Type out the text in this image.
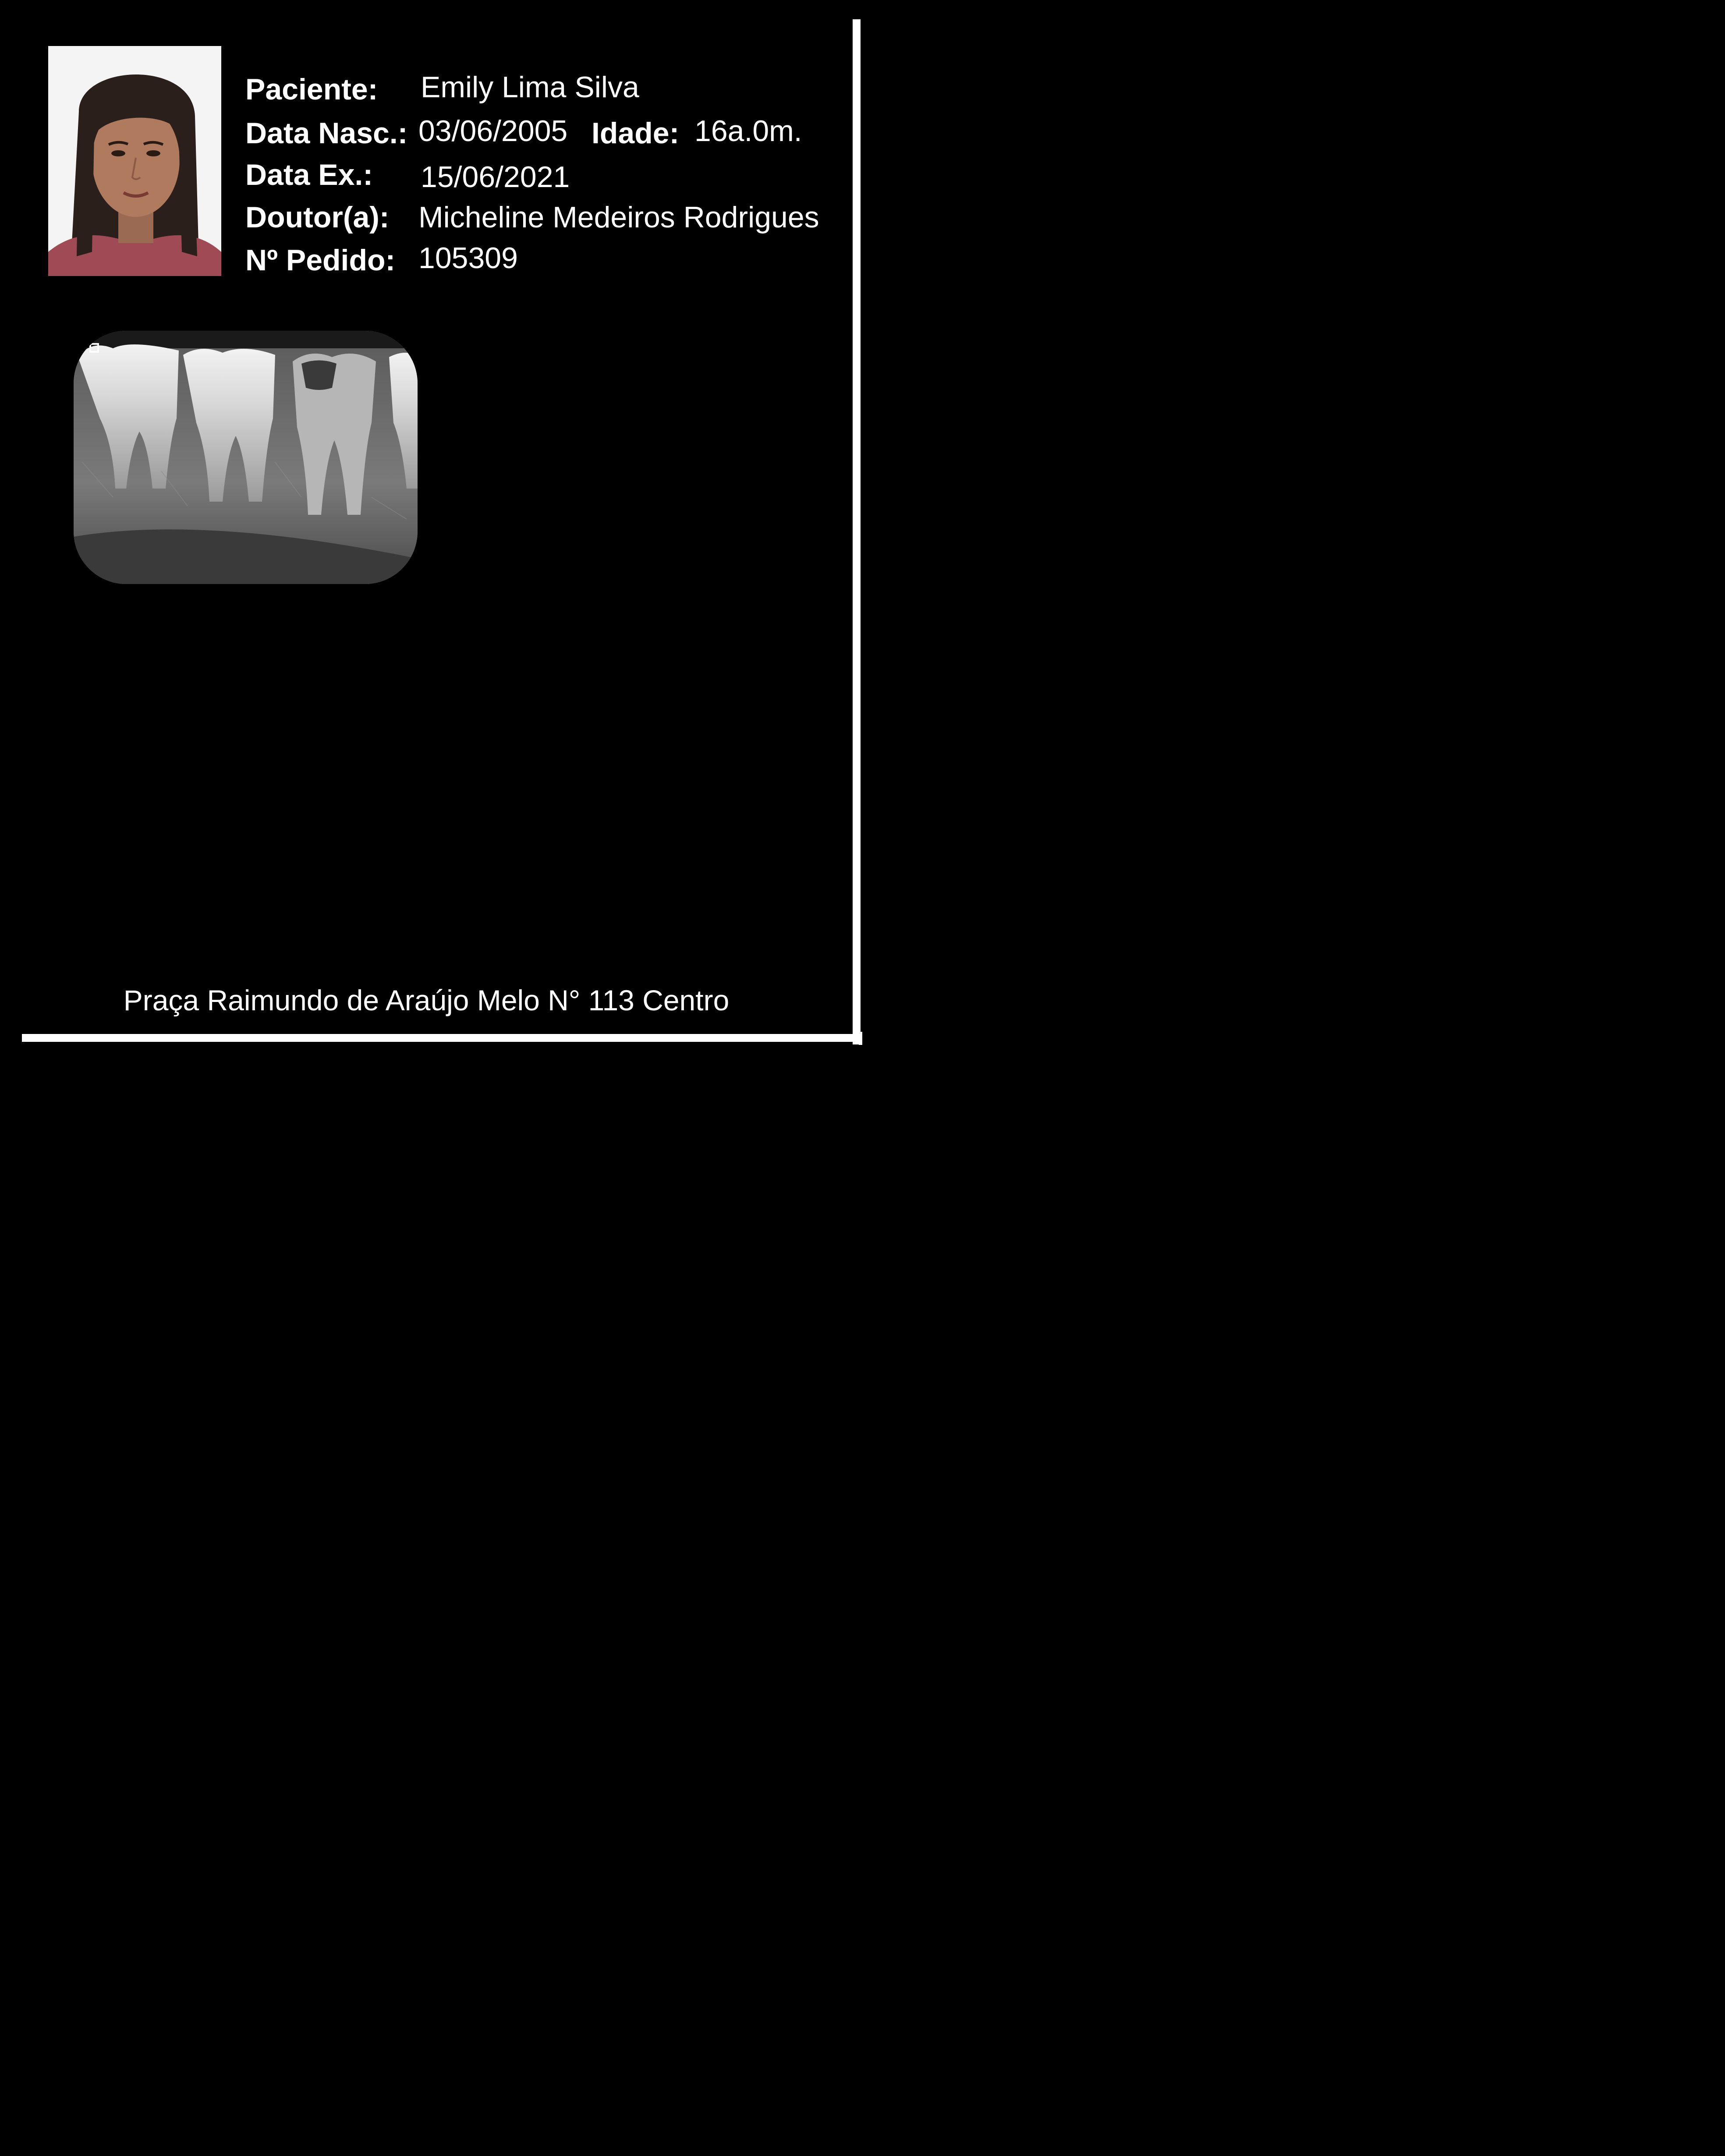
Paciente: Emily Lima Silva
Data Nasc.: 03/06/2005 Idade: 16a.0m.
Data Ex.: 15/06/2021
Doutor(a): Micheline Medeiros Rodrigues
Nº Pedido: 105309
Praça Raimundo de Araújo Melo N° 113 Centro
